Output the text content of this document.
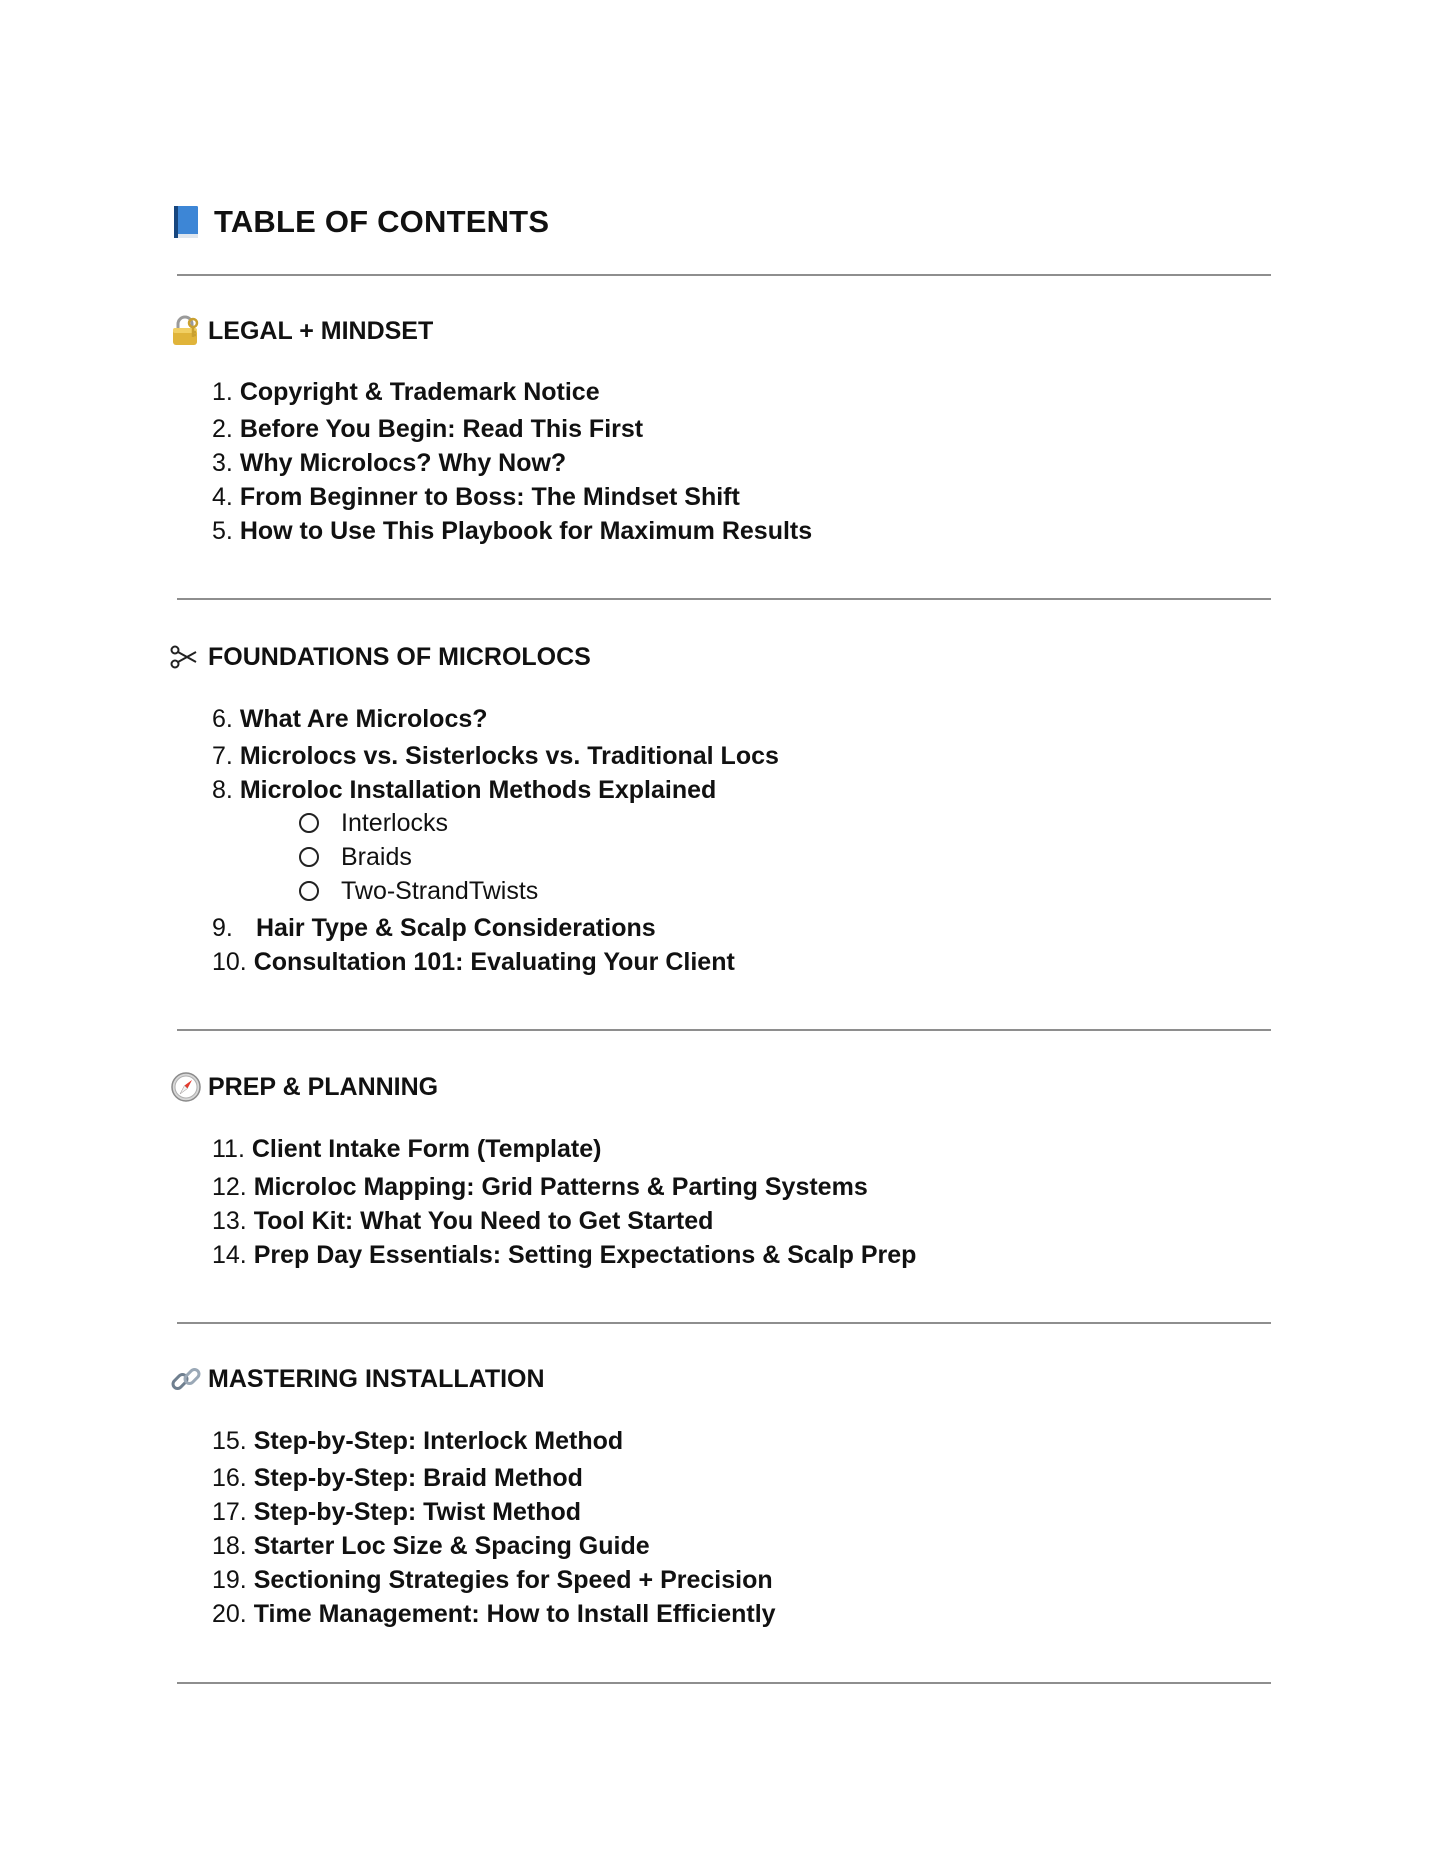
TABLE OF CONTENTS
LEGAL + MINDSET
1. Copyright & Trademark Notice
2. Before You Begin: Read This First
3. Why Microlocs? Why Now?
4. From Beginner to Boss: The Mindset Shift
5. How to Use This Playbook for Maximum Results
FOUNDATIONS OF MICROLOCS
6. What Are Microlocs?
7. Microlocs vs. Sisterlocks vs. Traditional Locs
8. Microloc Installation Methods Explained
Interlocks
Braids
Two-StrandTwists
9. Hair Type & Scalp Considerations
10. Consultation 101: Evaluating Your Client
PREP & PLANNING
11. Client Intake Form (Template)
12. Microloc Mapping: Grid Patterns & Parting Systems
13. Tool Kit: What You Need to Get Started
14. Prep Day Essentials: Setting Expectations & Scalp Prep
MASTERING INSTALLATION
15. Step-by-Step: Interlock Method
16. Step-by-Step: Braid Method
17. Step-by-Step: Twist Method
18. Starter Loc Size & Spacing Guide
19. Sectioning Strategies for Speed + Precision
20. Time Management: How to Install Efficiently
